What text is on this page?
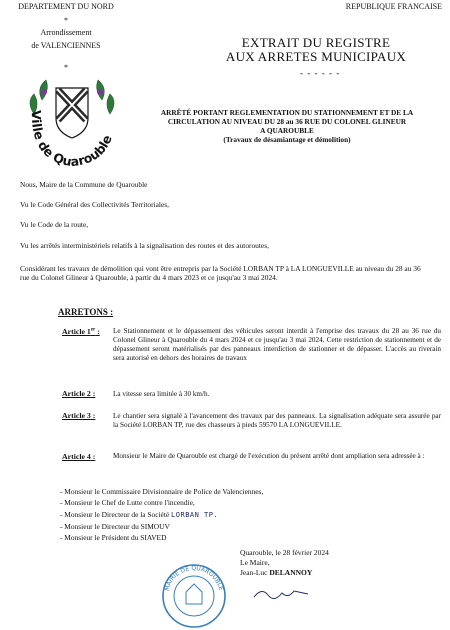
DEPARTEMENT DU NORD
*
Arrondissement
de VALENCIENNES
*
REPUBLIQUE FRANCAISE
Ville de Quarouble
EXTRAIT DU REGISTRE
AUX ARRETES MUNICIPAUX
- - - - - -
ARRÊTÉ PORTANT REGLEMENTATION DU STATIONNEMENT ET DE LA
CIRCULATION AU NIVEAU DU 28 au 36 RUE DU COLONEL GLINEUR
A QUAROUBLE
(Travaux de désamiantage et démolition)
Nous, Maire de la Commune de Quarouble
Vu le Code Général des Collectivités Territoriales,
Vu le Code de la route,
Vu les arrêtés interministériels relatifs à la signalisation des routes et des autoroutes,
Considérant les travaux de démolition qui vont être entrepris par la Société LORBAN TP à LA LONGUEVILLE au niveau du 28 au 36 rue du Colonel Glineur à Quarouble, à partir du 4 mars 2023 et ce jusqu'au 3 mai 2024.
ARRETONS :
Article 1er : Le Stationnement et le dépassement des véhicules seront interdit à l'emprise des travaux du 28 au 36 rue du Colonel Glineur à Quarouble du 4 mars 2024 et ce jusqu'au 3 mai 2024. Cette restriction de stationnement et de dépassement seront matérialisés par des panneaux interdiction de stationner et de dépasser. L'accès au riverain sera autorisé en dehors des horaires de travaux
Article 2 : La vitesse sera limitée à 30 km/h.
Article 3 : Le chantier sera signalé à l'avancement des travaux par des panneaux. La signalisation adéquate sera assurée par la Société LORBAN TP, rue des chasseurs à pieds 59570 LA LONGUEVILLE.
Article 4 : Monsieur le Maire de Quarouble est chargé de l'exécution du présent arrêté dont ampliation sera adressée à :
- Monsieur le Commissaire Divisionnaire de Police de Valenciennes,
- Monsieur le Chef de Lutte contre l'incendie,
- Monsieur le Directeur de la Société LORBAN TP.
- Monsieur le Directeur du SIMOUV
- Monsieur le Président du SIAVED
MAIRIE DE QUAROUBLE
Quarouble, le 28 février 2024
Le Maire,
Jean-Luc DELANNOY
